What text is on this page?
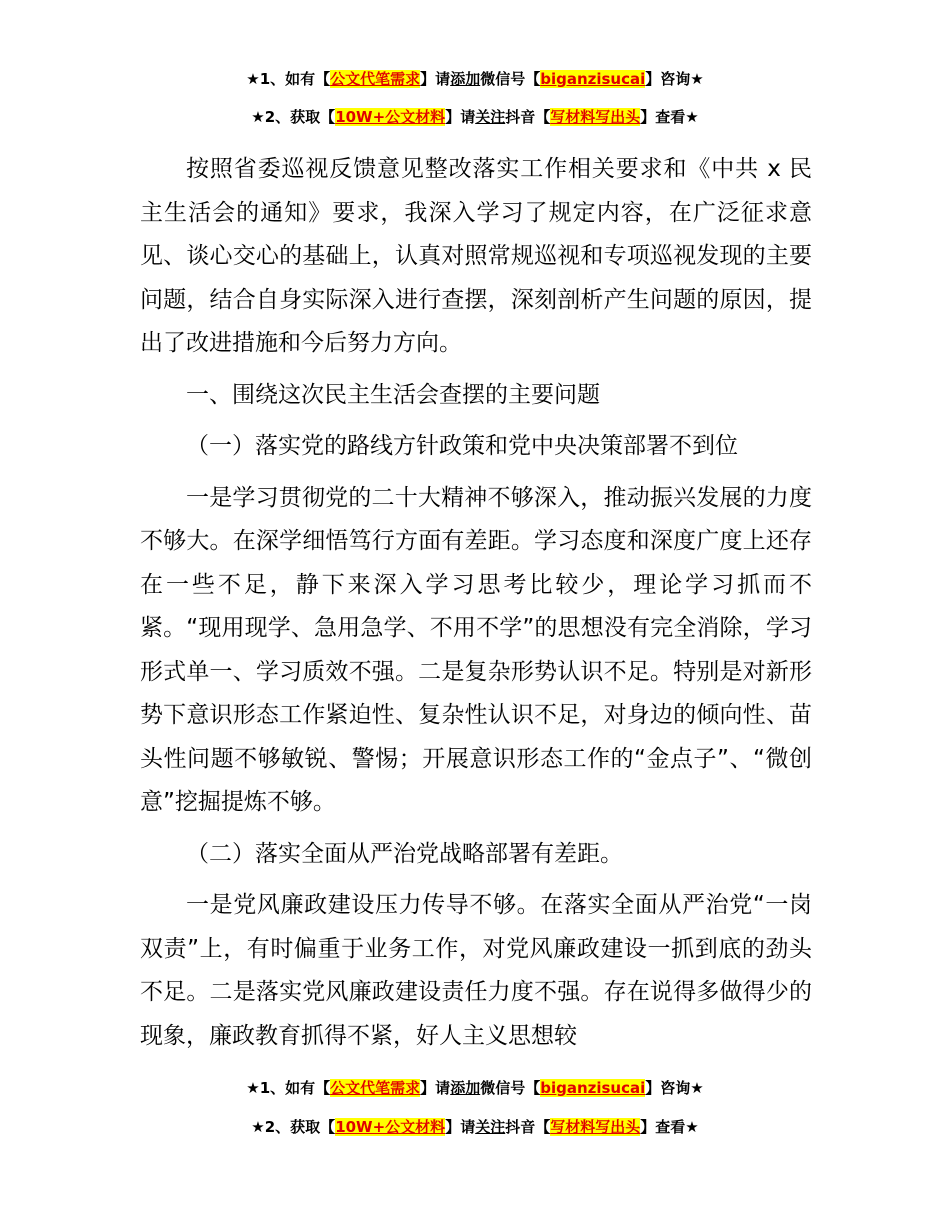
★1、如有【公文代笔需求】请添加微信号【biganzisucai】咨询★
★2、获取【10W+公文材料】请关注抖音【写材料写出头】查看★

按照省委巡视反馈意见整改落实工作相关要求和《中共 x 民主生活会的通知》要求，我深入学习了规定内容，在广泛征求意见、谈心交心的基础上，认真对照常规巡视和专项巡视发现的主要问题，结合自身实际深入进行查摆，深刻剖析产生问题的原因，提出了改进措施和今后努力方向。

一、围绕这次民主生活会查摆的主要问题

（一）落实党的路线方针政策和党中央决策部署不到位

一是学习贯彻党的二十大精神不够深入，推动振兴发展的力度不够大。在深学细悟笃行方面有差距。学习态度和深度广度上还存在一些不足，静下来深入学习思考比较少，理论学习抓而不紧。“现用现学、急用急学、不用不学”的思想没有完全消除，学习形式单一、学习质效不强。二是复杂形势认识不足。特别是对新形势下意识形态工作紧迫性、复杂性认识不足，对身边的倾向性、苗头性问题不够敏锐、警惕；开展意识形态工作的“金点子”、“微创意”挖掘提炼不够。

（二）落实全面从严治党战略部署有差距。

一是党风廉政建设压力传导不够。在落实全面从严治党“一岗双责”上，有时偏重于业务工作，对党风廉政建设一抓到底的劲头不足。二是落实党风廉政建设责任力度不强。存在说得多做得少的现象，廉政教育抓得不紧，好人主义思想较

★1、如有【公文代笔需求】请添加微信号【biganzisucai】咨询★
★2、获取【10W+公文材料】请关注抖音【写材料写出头】查看★
